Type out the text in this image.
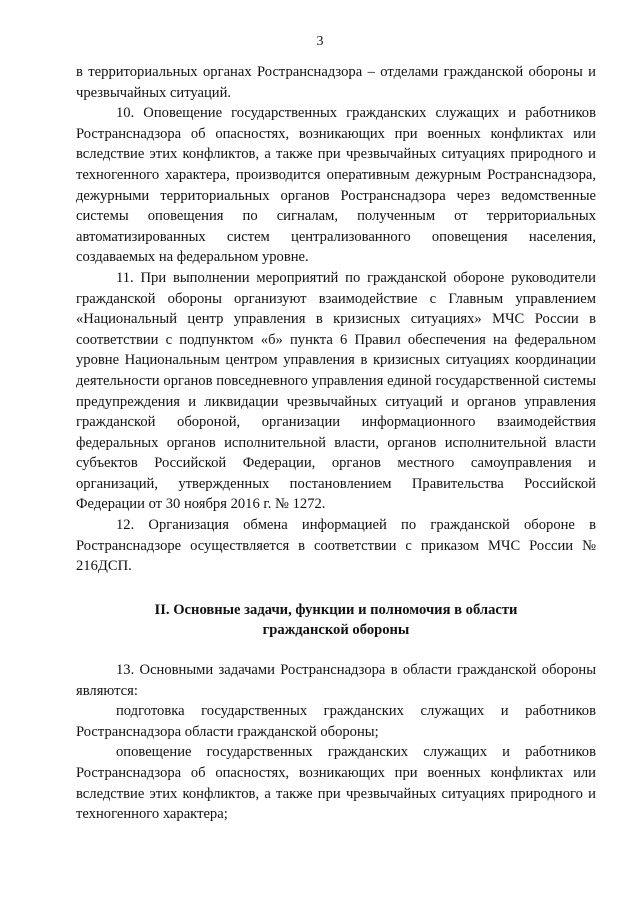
3

в территориальных органах Ространснадзора – отделами гражданской обороны и чрезвычайных ситуаций.

10. Оповещение государственных гражданских служащих и работников Ространснадзора об опасностях, возникающих при военных конфликтах или вследствие этих конфликтов, а также при чрезвычайных ситуациях природного и техногенного характера, производится оперативным дежурным Ространснадзора, дежурными территориальных органов Ространснадзора через ведомственные системы оповещения по сигналам, полученным от территориальных автоматизированных систем централизованного оповещения населения, создаваемых на федеральном уровне.

11. При выполнении мероприятий по гражданской обороне руководители гражданской обороны организуют взаимодействие с Главным управлением «Национальный центр управления в кризисных ситуациях» МЧС России в соответствии с подпунктом «б» пункта 6 Правил обеспечения на федеральном уровне Национальным центром управления в кризисных ситуациях координации деятельности органов повседневного управления единой государственной системы предупреждения и ликвидации чрезвычайных ситуаций и органов управления гражданской обороной, организации информационного взаимодействия федеральных органов исполнительной власти, органов исполнительной власти субъектов Российской Федерации, органов местного самоуправления и организаций, утвержденных постановлением Правительства Российской Федерации от 30 ноября 2016 г. № 1272.

12. Организация обмена информацией по гражданской обороне в Ространснадзоре осуществляется в соответствии с приказом МЧС России № 216ДСП.

II. Основные задачи, функции и полномочия в области
гражданской обороны

13. Основными задачами Ространснадзора в области гражданской обороны являются:

подготовка государственных гражданских служащих и работников Ространснадзора области гражданской обороны;

оповещение государственных гражданских служащих и работников Ространснадзора об опасностях, возникающих при военных конфликтах или вследствие этих конфликтов, а также при чрезвычайных ситуациях природного и техногенного характера;
